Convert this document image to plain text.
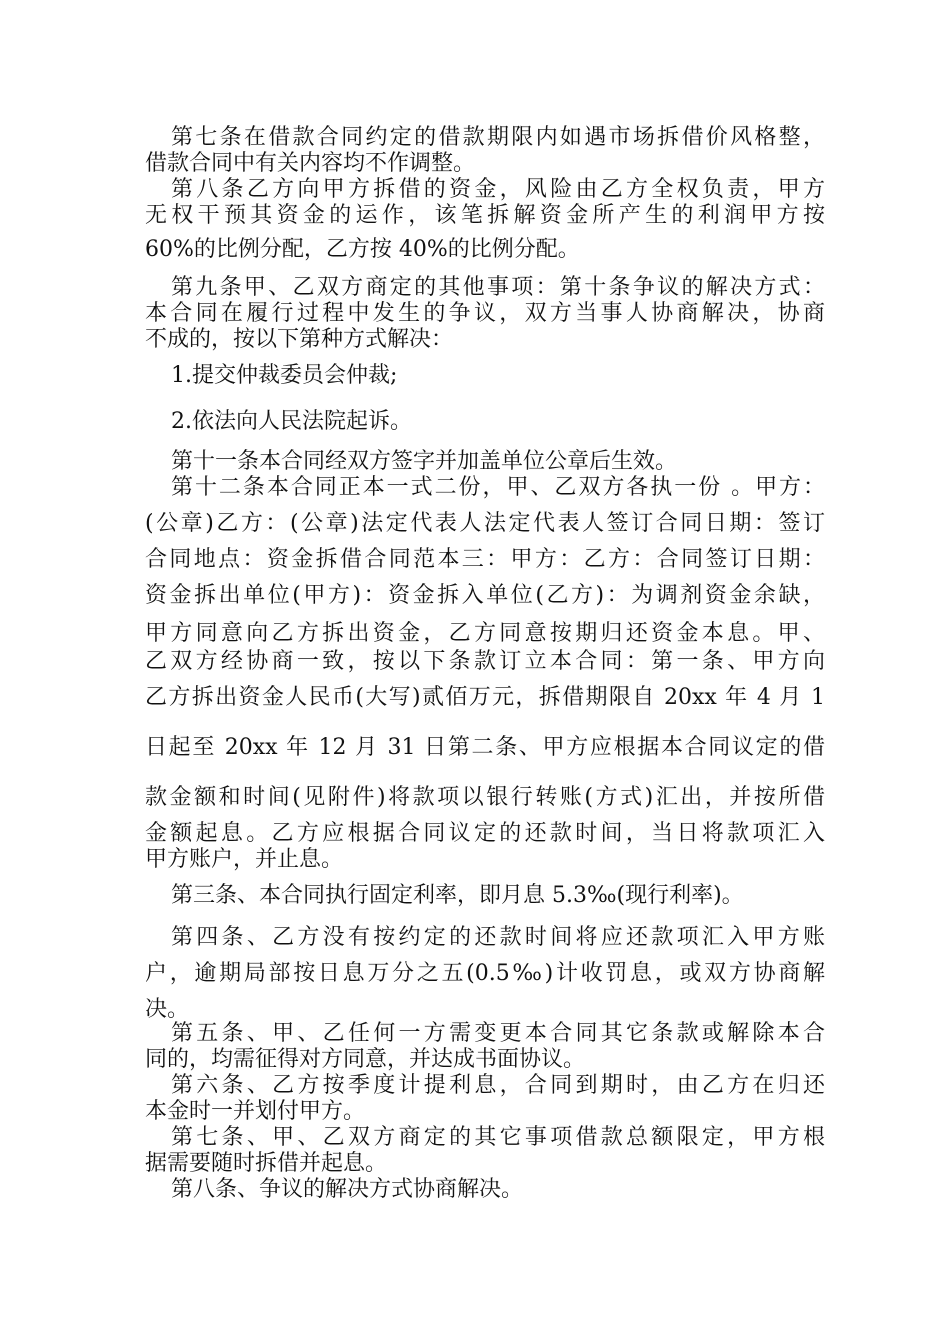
第七条在借款合同约定的借款期限内如遇市场拆借价风格整，
借款合同中有关内容均不作调整。
第八条乙方向甲方拆借的资金，风险由乙方全权负责，甲方
无权干预其资金的运作，该笔拆解资金所产生的利润甲方按
60%的比例分配，乙方按 40%的比例分配。
第九条甲、乙双方商定的其他事项：第十条争议的解决方式：
本合同在履行过程中发生的争议，双方当事人协商解决，协商
不成的，按以下第种方式解决：
1.提交仲裁委员会仲裁;
2.依法向人民法院起诉。
第十一条本合同经双方签字并加盖单位公章后生效。
第十二条本合同正本一式二份，甲、乙双方各执一份 。甲方：
(公章)乙方：(公章)法定代表人法定代表人签订合同日期：签订
合同地点：资金拆借合同范本三：甲方：乙方：合同签订日期：
资金拆出单位(甲方)：资金拆入单位(乙方)：为调剂资金余缺，
甲方同意向乙方拆出资金，乙方同意按期归还资金本息。甲、
乙双方经协商一致，按以下条款订立本合同：第一条、甲方向
乙方拆出资金人民币(大写)贰佰万元，拆借期限自 20xx 年 4 月 1
日起至 20xx 年 12 月 31 日第二条、甲方应根据本合同议定的借
款金额和时间(见附件)将款项以银行转账(方式)汇出，并按所借
金额起息。乙方应根据合同议定的还款时间，当日将款项汇入
甲方账户，并止息。
第三条、本合同执行固定利率，即月息 5.3‰(现行利率)。
第四条、乙方没有按约定的还款时间将应还款项汇入甲方账
户，逾期局部按日息万分之五(0.5‰)计收罚息，或双方协商解
决。
第五条、甲、乙任何一方需变更本合同其它条款或解除本合
同的，均需征得对方同意，并达成书面协议。
第六条、乙方按季度计提利息，合同到期时，由乙方在归还
本金时一并划付甲方。
第七条、甲、乙双方商定的其它事项借款总额限定，甲方根
据需要随时拆借并起息。
第八条、争议的解决方式协商解决。
